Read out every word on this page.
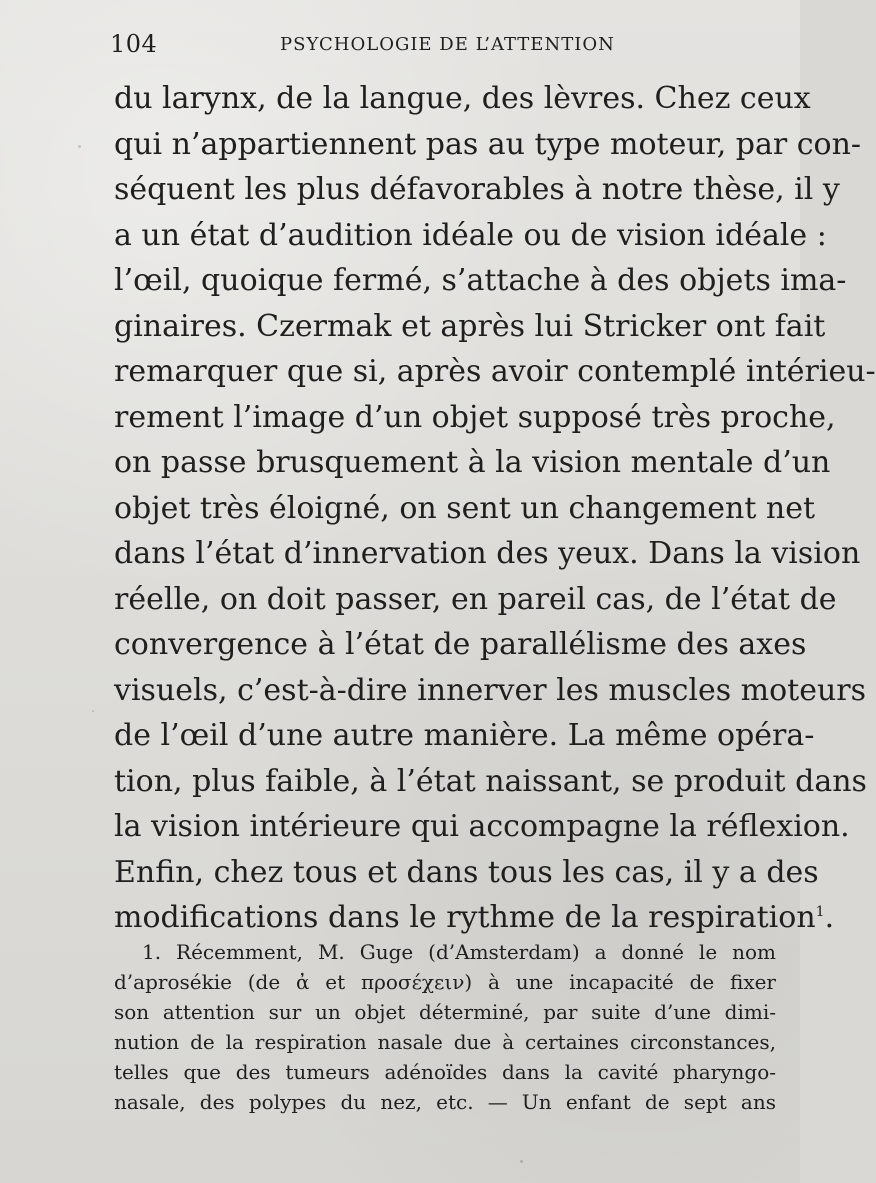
104	PSYCHOLOGIE DE L’ATTENTION
du larynx, de la langue, des lèvres. Chez ceux
qui n’appartiennent pas au type moteur, par con-
séquent les plus défavorables à notre thèse, il y
a un état d’audition idéale ou de vision idéale :
l’œil, quoique fermé, s’attache à des objets ima-
ginaires. Czermak et après lui Stricker ont fait
remarquer que si, après avoir contemplé intérieu-
rement l’image d’un objet supposé très proche,
on passe brusquement à la vision mentale d’un
objet très éloigné, on sent un changement net
dans l’état d’innervation des yeux. Dans la vision
réelle, on doit passer, en pareil cas, de l’état de
convergence à l’état de parallélisme des axes
visuels, c’est-à-dire innerver les muscles moteurs
de l’œil d’une autre manière. La même opéra-
tion, plus faible, à l’état naissant, se produit dans
la vision intérieure qui accompagne la réflexion.
Enfin, chez tous et dans tous les cas, il y a des
modifications dans le rythme de la respiration$^1$.
1. Récemment, M. Guge (d’Amsterdam) a donné le nom
d’aprosékie (de ἀ et προσέχειν) à une incapacité de fixer
son attention sur un objet déterminé, par suite d’une dimi-
nution de la respiration nasale due à certaines circonstances,
telles que des tumeurs adénoïdes dans la cavité pharyngo-
nasale, des polypes du nez, etc. — Un enfant de sept ans
